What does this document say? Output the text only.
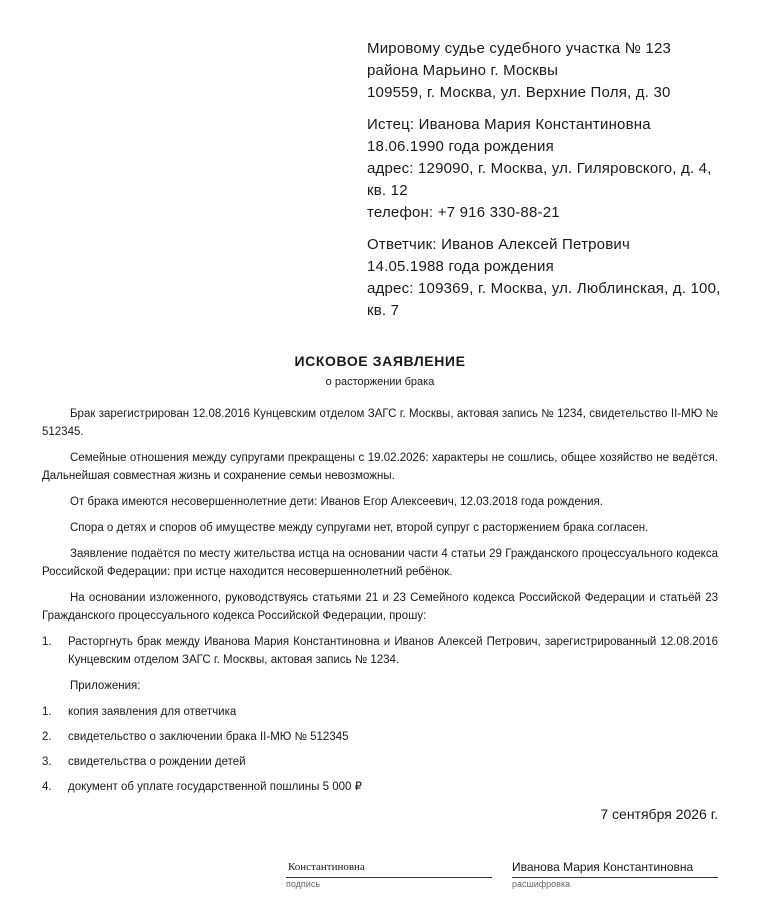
Мировому судье судебного участка № 123
района Марьино г. Москвы
109559, г. Москва, ул. Верхние Поля, д. 30
Истец: Иванова Мария Константиновна
18.06.1990 года рождения
адрес: 129090, г. Москва, ул. Гиляровского, д. 4, кв. 12
телефон: +7 916 330-88-21
Ответчик: Иванов Алексей Петрович
14.05.1988 года рождения
адрес: 109369, г. Москва, ул. Люблинская, д. 100, кв. 7
ИСКОВОЕ ЗАЯВЛЕНИЕ
о расторжении брака

Брак зарегистрирован 12.08.2016 Кунцевским отделом ЗАГС г. Москвы, актовая запись № 1234, свидетельство II-МЮ № 512345.

Семейные отношения между супругами прекращены с 19.02.2026: характеры не сошлись, общее хозяйство не ведётся. Дальнейшая совместная жизнь и сохранение семьи невозможны.

От брака имеются несовершеннолетние дети: Иванов Егор Алексеевич, 12.03.2018 года рождения.

Спора о детях и споров об имуществе между супругами нет, второй супруг с расторжением брака согласен.

Заявление подаётся по месту жительства истца на основании части 4 статьи 29 Гражданского процессуального кодекса Российской Федерации: при истце находится несовершеннолетний ребёнок.

На основании изложенного, руководствуясь статьями 21 и 23 Семейного кодекса Российской Федерации и статьёй 23 Гражданского процессуального кодекса Российской Федерации, прошу:

1. Расторгнуть брак между Иванова Мария Константиновна и Иванов Алексей Петрович, зарегистрированный 12.08.2016 Кунцевским отделом ЗАГС г. Москвы, актовая запись № 1234.
Приложения:
1. копия заявления для ответчика
2. свидетельство о заключении брака II-МЮ № 512345
3. свидетельства о рождении детей
4. документ об уплате государственной пошлины 5 000 ₽
7 сентября 2026 г.
Константиновна
подпись
Иванова Мария Константиновна
расшифровка
